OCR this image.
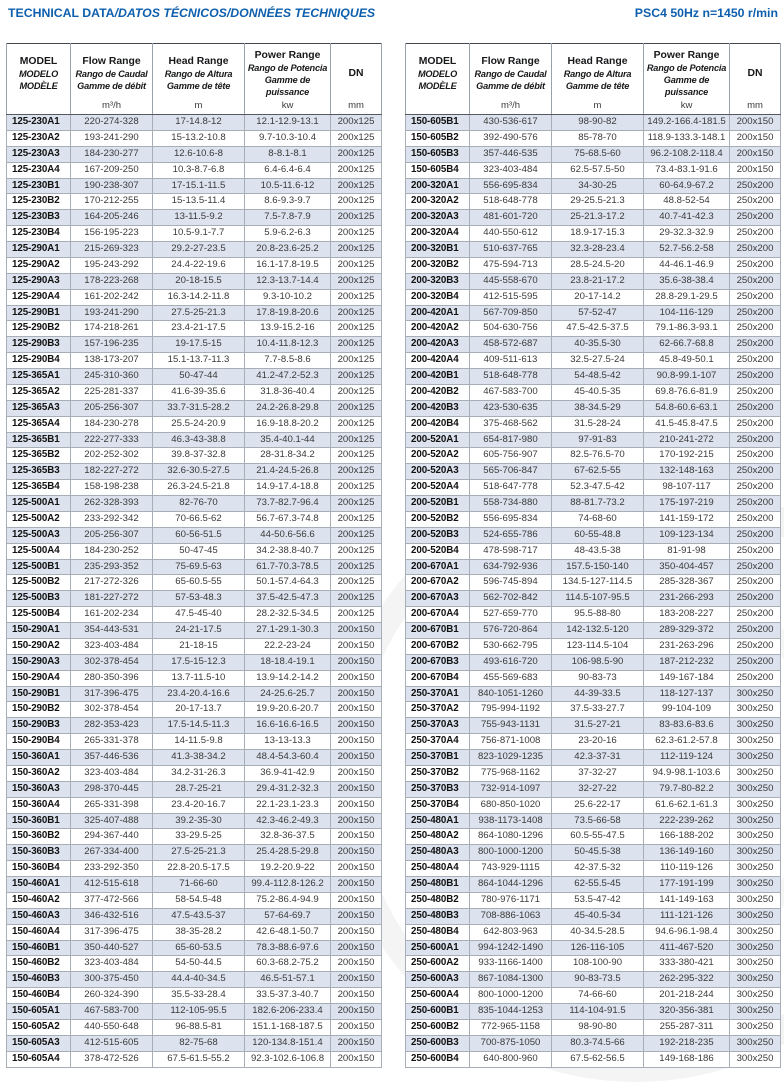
TECHNICAL DATA/DATOS TÉCNICOS/DONNÉES TECHNIQUES	PSC4 50Hz n=1450 r/min
MODEL
MODELO
MODÈLE

Flow Range
Rango de Caudal
Gamme de débit

Head Range
Rango de Altura
Gamme de tête

Power Range
Rango de Potencia
Gamme de puissance

DN

	m³/h	m	kw	mm
125-230A1	220-274-328	17-14.8-12	12.1-12.9-13.1	200x125
125-230A2	193-241-290	15-13.2-10.8	9.7-10.3-10.4	200x125
125-230A3	184-230-277	12.6-10.6-8	8-8.1-8.1	200x125
125-230A4	167-209-250	10.3-8.7-6.8	6.4-6.4-6.4	200x125
125-230B1	190-238-307	17-15.1-11.5	10.5-11.6-12	200x125
125-230B2	170-212-255	15-13.5-11.4	8.6-9.3-9.7	200x125
125-230B3	164-205-246	13-11.5-9.2	7.5-7.8-7.9	200x125
125-230B4	156-195-223	10.5-9.1-7.7	5.9-6.2-6.3	200x125
125-290A1	215-269-323	29.2-27-23.5	20.8-23.6-25.2	200x125
125-290A2	195-243-292	24.4-22-19.6	16.1-17.8-19.5	200x125
125-290A3	178-223-268	20-18-15.5	12.3-13.7-14.4	200x125
125-290A4	161-202-242	16.3-14.2-11.8	9.3-10-10.2	200x125
125-290B1	193-241-290	27.5-25-21.3	17.8-19.8-20.6	200x125
125-290B2	174-218-261	23.4-21-17.5	13.9-15.2-16	200x125
125-290B3	157-196-235	19-17.5-15	10.4-11.8-12.3	200x125
125-290B4	138-173-207	15.1-13.7-11.3	7.7-8.5-8.6	200x125
125-365A1	245-310-360	50-47-44	41.2-47.2-52.3	200x125
125-365A2	225-281-337	41.6-39-35.6	31.8-36-40.4	200x125
125-365A3	205-256-307	33.7-31.5-28.2	24.2-26.8-29.8	200x125
125-365A4	184-230-278	25.5-24-20.9	16.9-18.8-20.2	200x125
125-365B1	222-277-333	46.3-43-38.8	35.4-40.1-44	200x125
125-365B2	202-252-302	39.8-37-32.8	28-31.8-34.2	200x125
125-365B3	182-227-272	32.6-30.5-27.5	21.4-24.5-26.8	200x125
125-365B4	158-198-238	26.3-24.5-21.8	14.9-17.4-18.8	200x125
125-500A1	262-328-393	82-76-70	73.7-82.7-96.4	200x125
125-500A2	233-292-342	70-66.5-62	56.7-67.3-74.8	200x125
125-500A3	205-256-307	60-56-51.5	44-50.6-56.6	200x125
125-500A4	184-230-252	50-47-45	34.2-38.8-40.7	200x125
125-500B1	235-293-352	75-69.5-63	61.7-70.3-78.5	200x125
125-500B2	217-272-326	65-60.5-55	50.1-57.4-64.3	200x125
125-500B3	181-227-272	57-53-48.3	37.5-42.5-47.3	200x125
125-500B4	161-202-234	47.5-45-40	28.2-32.5-34.5	200x125
150-290A1	354-443-531	24-21-17.5	27.1-29.1-30.3	200x150
150-290A2	323-403-484	21-18-15	22.2-23-24	200x150
150-290A3	302-378-454	17.5-15-12.3	18-18.4-19.1	200x150
150-290A4	280-350-396	13.7-11.5-10	13.9-14.2-14.2	200x150
150-290B1	317-396-475	23.4-20.4-16.6	24-25.6-25.7	200x150
150-290B2	302-378-454	20-17-13.7	19.9-20.6-20.7	200x150
150-290B3	282-353-423	17.5-14.5-11.3	16.6-16.6-16.5	200x150
150-290B4	265-331-378	14-11.5-9.8	13-13-13.3	200x150
150-360A1	357-446-536	41.3-38-34.2	48.4-54.3-60.4	200x150
150-360A2	323-403-484	34.2-31-26.3	36.9-41-42.9	200x150
150-360A3	298-370-445	28.7-25-21	29.4-31.2-32.3	200x150
150-360A4	265-331-398	23.4-20-16.7	22.1-23.1-23.3	200x150
150-360B1	325-407-488	39.2-35-30	42.3-46.2-49.3	200x150
150-360B2	294-367-440	33-29.5-25	32.8-36-37.5	200x150
150-360B3	267-334-400	27.5-25-21.3	25.4-28.5-29.8	200x150
150-360B4	233-292-350	22.8-20.5-17.5	19.2-20.9-22	200x150
150-460A1	412-515-618	71-66-60	99.4-112.8-126.2	200x150
150-460A2	377-472-566	58-54.5-48	75.2-86.4-94.9	200x150
150-460A3	346-432-516	47.5-43.5-37	57-64-69.7	200x150
150-460A4	317-396-475	38-35-28.2	42.6-48.1-50.7	200x150
150-460B1	350-440-527	65-60-53.5	78.3-88.6-97.6	200x150
150-460B2	323-403-484	54-50-44.5	60.3-68.2-75.2	200x150
150-460B3	300-375-450	44.4-40-34.5	46.5-51-57.1	200x150
150-460B4	260-324-390	35.5-33-28.4	33.5-37.3-40.7	200x150
150-605A1	467-583-700	112-105-95.5	182.6-206-233.4	200x150
150-605A2	440-550-648	96-88.5-81	151.1-168-187.5	200x150
150-605A3	412-515-605	82-75-68	120-134.8-151.4	200x150
150-605A4	378-472-526	67.5-61.5-55.2	92.3-102.6-106.8	200x150
MODEL
MODELO
MODÈLE

Flow Range
Rango de Caudal
Gamme de débit

Head Range
Rango de Altura
Gamme de tête

Power Range
Rango de Potencia
Gamme de puissance

DN

	m³/h	m	kw	mm
150-605B1	430-536-617	98-90-82	149.2-166.4-181.5	200x150
150-605B2	392-490-576	85-78-70	118.9-133.3-148.1	200x150
150-605B3	357-446-535	75-68.5-60	96.2-108.2-118.4	200x150
150-605B4	323-403-484	62.5-57.5-50	73.4-83.1-91.6	200x150
200-320A1	556-695-834	34-30-25	60-64.9-67.2	250x200
200-320A2	518-648-778	29-25.5-21.3	48.8-52-54	250x200
200-320A3	481-601-720	25-21.3-17.2	40.7-41-42.3	250x200
200-320A4	440-550-612	18.9-17-15.3	29-32.3-32.9	250x200
200-320B1	510-637-765	32.3-28-23.4	52.7-56.2-58	250x200
200-320B2	475-594-713	28.5-24.5-20	44-46.1-46.9	250x200
200-320B3	445-558-670	23.8-21-17.2	35.6-38-38.4	250x200
200-320B4	412-515-595	20-17-14.2	28.8-29.1-29.5	250x200
200-420A1	567-709-850	57-52-47	104-116-129	250x200
200-420A2	504-630-756	47.5-42.5-37.5	79.1-86.3-93.1	250x200
200-420A3	458-572-687	40-35.5-30	62-66.7-68.8	250x200
200-420A4	409-511-613	32.5-27.5-24	45.8-49-50.1	250x200
200-420B1	518-648-778	54-48.5-42	90.8-99.1-107	250x200
200-420B2	467-583-700	45-40.5-35	69.8-76.6-81.9	250x200
200-420B3	423-530-635	38-34.5-29	54.8-60.6-63.1	250x200
200-420B4	375-468-562	31.5-28-24	41.5-45.8-47.5	250x200
200-520A1	654-817-980	97-91-83	210-241-272	250x200
200-520A2	605-756-907	82.5-76.5-70	170-192-215	250x200
200-520A3	565-706-847	67-62.5-55	132-148-163	250x200
200-520A4	518-647-778	52.3-47.5-42	98-107-117	250x200
200-520B1	558-734-880	88-81.7-73.2	175-197-219	250x200
200-520B2	556-695-834	74-68-60	141-159-172	250x200
200-520B3	524-655-786	60-55-48.8	109-123-134	250x200
200-520B4	478-598-717	48-43.5-38	81-91-98	250x200
200-670A1	634-792-936	157.5-150-140	350-404-457	250x200
200-670A2	596-745-894	134.5-127-114.5	285-328-367	250x200
200-670A3	562-702-842	114.5-107-95.5	231-266-293	250x200
200-670A4	527-659-770	95.5-88-80	183-208-227	250x200
200-670B1	576-720-864	142-132.5-120	289-329-372	250x200
200-670B2	530-662-795	123-114.5-104	231-263-296	250x200
200-670B3	493-616-720	106-98.5-90	187-212-232	250x200
200-670B4	455-569-683	90-83-73	149-167-184	250x200
250-370A1	840-1051-1260	44-39-33.5	118-127-137	300x250
250-370A2	795-994-1192	37.5-33-27.7	99-104-109	300x250
250-370A3	755-943-1131	31.5-27-21	83-83.6-83.6	300x250
250-370A4	756-871-1008	23-20-16	62.3-61.2-57.8	300x250
250-370B1	823-1029-1235	42.3-37-31	112-119-124	300x250
250-370B2	775-968-1162	37-32-27	94.9-98.1-103.6	300x250
250-370B3	732-914-1097	32-27-22	79.7-80-82.2	300x250
250-370B4	680-850-1020	25.6-22-17	61.6-62.1-61.3	300x250
250-480A1	938-1173-1408	73.5-66-58	222-239-262	300x250
250-480A2	864-1080-1296	60.5-55-47.5	166-188-202	300x250
250-480A3	800-1000-1200	50-45.5-38	136-149-160	300x250
250-480A4	743-929-1115	42-37.5-32	110-119-126	300x250
250-480B1	864-1044-1296	62-55.5-45	177-191-199	300x250
250-480B2	780-976-1171	53.5-47-42	141-149-163	300x250
250-480B3	708-886-1063	45-40.5-34	111-121-126	300x250
250-480B4	642-803-963	40-34.5-28.5	94.6-96.1-98.4	300x250
250-600A1	994-1242-1490	126-116-105	411-467-520	300x250
250-600A2	933-1166-1400	108-100-90	333-380-421	300x250
250-600A3	867-1084-1300	90-83-73.5	262-295-322	300x250
250-600A4	800-1000-1200	74-66-60	201-218-244	300x250
250-600B1	835-1044-1253	114-104-91.5	320-356-381	300x250
250-600B2	772-965-1158	98-90-80	255-287-311	300x250
250-600B3	700-875-1050	80.3-74.5-66	192-218-235	300x250
250-600B4	640-800-960	67.5-62-56.5	149-168-186	300x250
